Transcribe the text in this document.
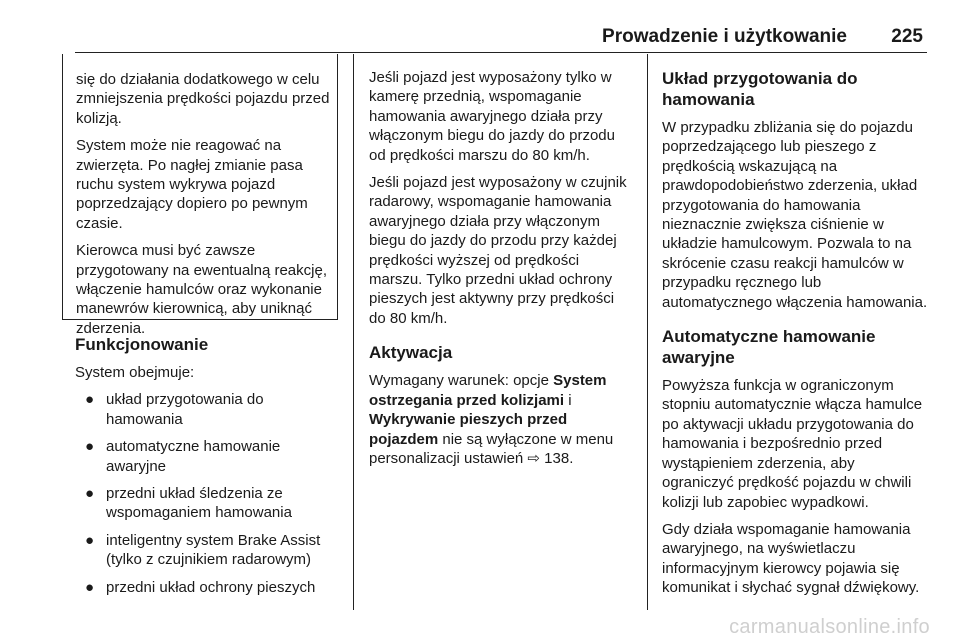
Prowadzenie i użytkowanie 225

się do działania dodatkowego w celu zmniejszenia prędkości pojazdu przed kolizją.

System może nie reagować na zwierzęta. Po nagłej zmianie pasa ruchu system wykrywa pojazd poprzedzający dopiero po pewnym czasie.

Kierowca musi być zawsze przygotowany na ewentualną reakcję, włączenie hamulców oraz wykonanie manewrów kierownicą, aby uniknąć zderzenia.

Funkcjonowanie

System obejmuje:

● układ przygotowania do hamowania
● automatyczne hamowanie awaryjne
● przedni układ śledzenia ze wspomaganiem hamowania
● inteligentny system Brake Assist (tylko z czujnikiem radarowym)
● przedni układ ochrony pieszych

Jeśli pojazd jest wyposażony tylko w kamerę przednią, wspomaganie hamowania awaryjnego działa przy włączonym biegu do jazdy do przodu od prędkości marszu do 80 km/h.

Jeśli pojazd jest wyposażony w czujnik radarowy, wspomaganie hamowania awaryjnego działa przy włączonym biegu do jazdy do przodu przy każdej prędkości wyższej od prędkości marszu. Tylko przedni układ ochrony pieszych jest aktywny przy prędkości do 80 km/h.

Aktywacja

Wymagany warunek: opcje System ostrzegania przed kolizjami i Wykrywanie pieszych przed pojazdem nie są wyłączone w menu personalizacji ustawień ⇨ 138.

Układ przygotowania do hamowania

W przypadku zbliżania się do pojazdu poprzedzającego lub pieszego z prędkością wskazującą na prawdopodobieństwo zderzenia, układ przygotowania do hamowania nieznacznie zwiększa ciśnienie w układzie hamulcowym. Pozwala to na skrócenie czasu reakcji hamulców w przypadku ręcznego lub automatycznego włączenia hamowania.

Automatyczne hamowanie awaryjne

Powyższa funkcja w ograniczonym stopniu automatycznie włącza hamulce po aktywacji układu przygotowania do hamowania i bezpośrednio przed wystąpieniem zderzenia, aby ograniczyć prędkość pojazdu w chwili kolizji lub zapobiec wypadkowi.

Gdy działa wspomaganie hamowania awaryjnego, na wyświetlaczu informacyjnym kierowcy pojawia się komunikat i słychać sygnał dźwiękowy.

carmanualsonline.info
